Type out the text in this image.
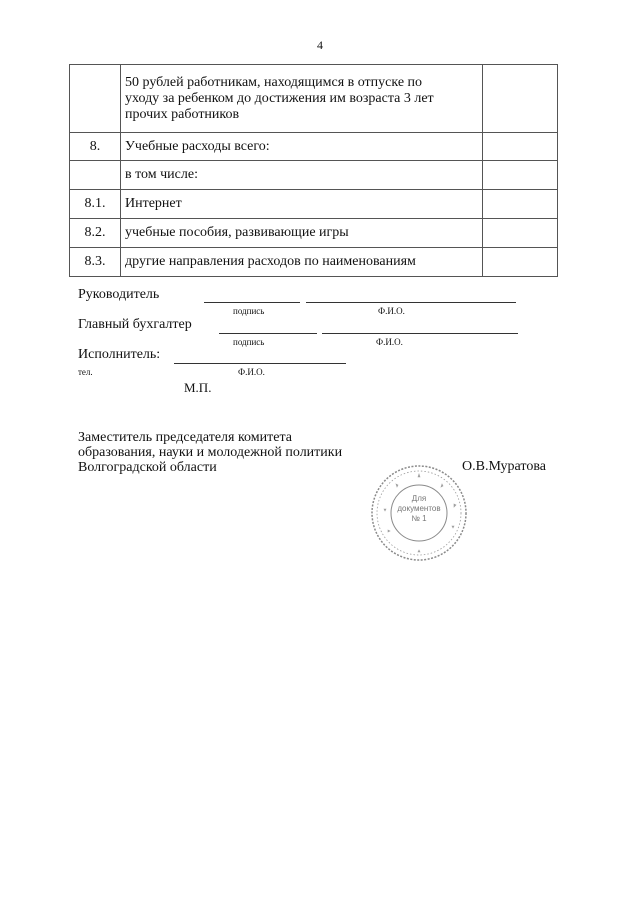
4

	50 рублей работникам, находящимся в отпуске по
уходу за ребенком до достижения им возраста 3 лет
прочих работников	

8.	Учебные расходы всего:	
	в том числе:	
8.1.	Интернет	
8.2.	учебные пособия, развивающие игры	
8.3.	другие направления расходов по наименованиям	
Руководитель
подпись	Ф.И.О.
Главный бухгалтер
подпись	Ф.И.О.
Исполнитель:
тел.	Ф.И.О.
М.П.
Заместитель председателя комитета
образования, науки и молодежной политики
Волгоградской области	О.В.Муратова
Для
документов
№ 1
